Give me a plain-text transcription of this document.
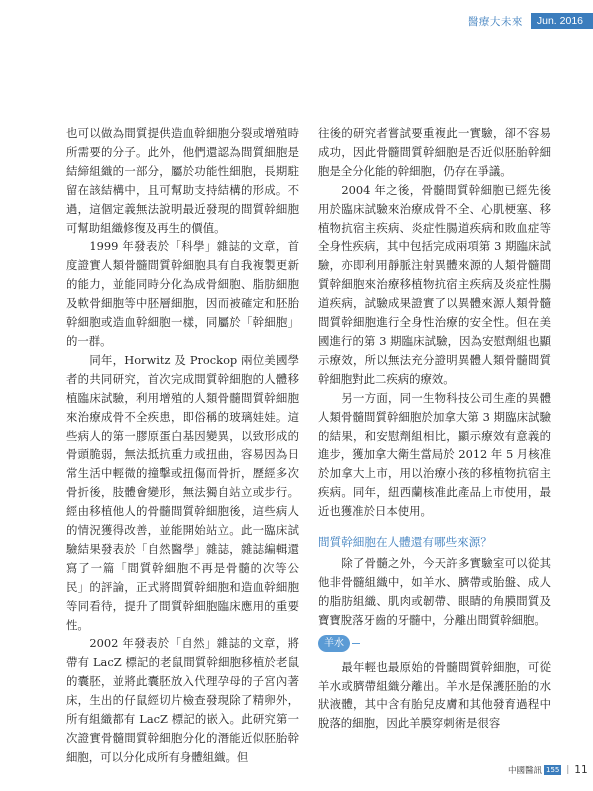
醫療大未來	Jun. 2016

也可以做為間質提供造血幹細胞分裂或增殖時所需要的分子。此外，他們還認為間質細胞是結締組織的一部分，屬於功能性細胞，長期駐留在該結構中，且可幫助支持結構的形成。不過，這個定義無法說明最近發現的間質幹細胞可幫助組織修復及再生的價值。

1999 年發表於「科學」雜誌的文章，首度證實人類骨髓間質幹細胞具有自我複製更新的能力，並能同時分化為成骨細胞、脂肪細胞及軟骨細胞等中胚層細胞，因而被確定和胚胎幹細胞或造血幹細胞一樣，同屬於「幹細胞」的一群。

同年，Horwitz 及 Prockop 兩位美國學者的共同研究，首次完成間質幹細胞的人體移植臨床試驗，利用增殖的人類骨髓間質幹細胞來治療成骨不全疾患，即俗稱的玻璃娃娃。這些病人的第一膠原蛋白基因變異，以致形成的骨頭脆弱，無法抵抗重力或扭曲，容易因為日常生活中輕微的撞擊或扭傷而骨折，歷經多次骨折後，肢體會變形，無法獨自站立或步行。經由移植他人的骨髓間質幹細胞後，這些病人的情況獲得改善，並能開始站立。此一臨床試驗結果發表於「自然醫學」雜誌，雜誌編輯還寫了一篇「間質幹細胞不再是骨髓的次等公民」的評論，正式將間質幹細胞和造血幹細胞等同看待，提升了間質幹細胞臨床應用的重要性。

2002 年發表於「自然」雜誌的文章，將帶有 LacZ 標記的老鼠間質幹細胞移植於老鼠的囊胚，並將此囊胚放入代理孕母的子宮內著床，生出的仔鼠經切片檢查發現除了精卵外，所有組織都有 LacZ 標記的嵌入。此研究第一次證實骨髓間質幹細胞分化的潛能近似胚胎幹細胞，可以分化成所有身體組織。但

往後的研究者嘗試要重複此一實驗，卻不容易成功，因此骨髓間質幹細胞是否近似胚胎幹細胞是全分化能的幹細胞，仍存在爭議。

2004 年之後，骨髓間質幹細胞已經先後用於臨床試驗來治療成骨不全、心肌梗塞、移植物抗宿主疾病、炎症性腸道疾病和敗血症等全身性疾病，其中包括完成兩項第 3 期臨床試驗，亦即利用靜脈注射異體來源的人類骨髓間質幹細胞來治療移植物抗宿主疾病及炎症性腸道疾病，試驗成果證實了以異體來源人類骨髓間質幹細胞進行全身性治療的安全性。但在美國進行的第 3 期臨床試驗，因為安慰劑組也顯示療效，所以無法充分證明異體人類骨髓間質幹細胞對此二疾病的療效。

另一方面，同一生物科技公司生產的異體人類骨髓間質幹細胞於加拿大第 3 期臨床試驗的結果，和安慰劑組相比，顯示療效有意義的進步，獲加拿大衛生當局於 2012 年 5 月核准於加拿大上市，用以治療小孩的移植物抗宿主疾病。同年，紐西蘭核准此產品上市使用，最近也獲准於日本使用。

間質幹細胞在人體還有哪些來源？

除了骨髓之外，今天許多實驗室可以從其他非骨髓組織中，如羊水、臍帶或胎盤、成人的脂肪組織、肌肉或韌帶、眼睛的角膜間質及寶寶脫落牙齒的牙髓中，分離出間質幹細胞。

羊水

最年輕也最原始的骨髓間質幹細胞，可從羊水或臍帶組織分離出。羊水是保護胚胎的水狀液體，其中含有胎兒皮膚和其他發育過程中脫落的細胞，因此羊膜穿刺術是很容

中國醫訊 155 | 11
